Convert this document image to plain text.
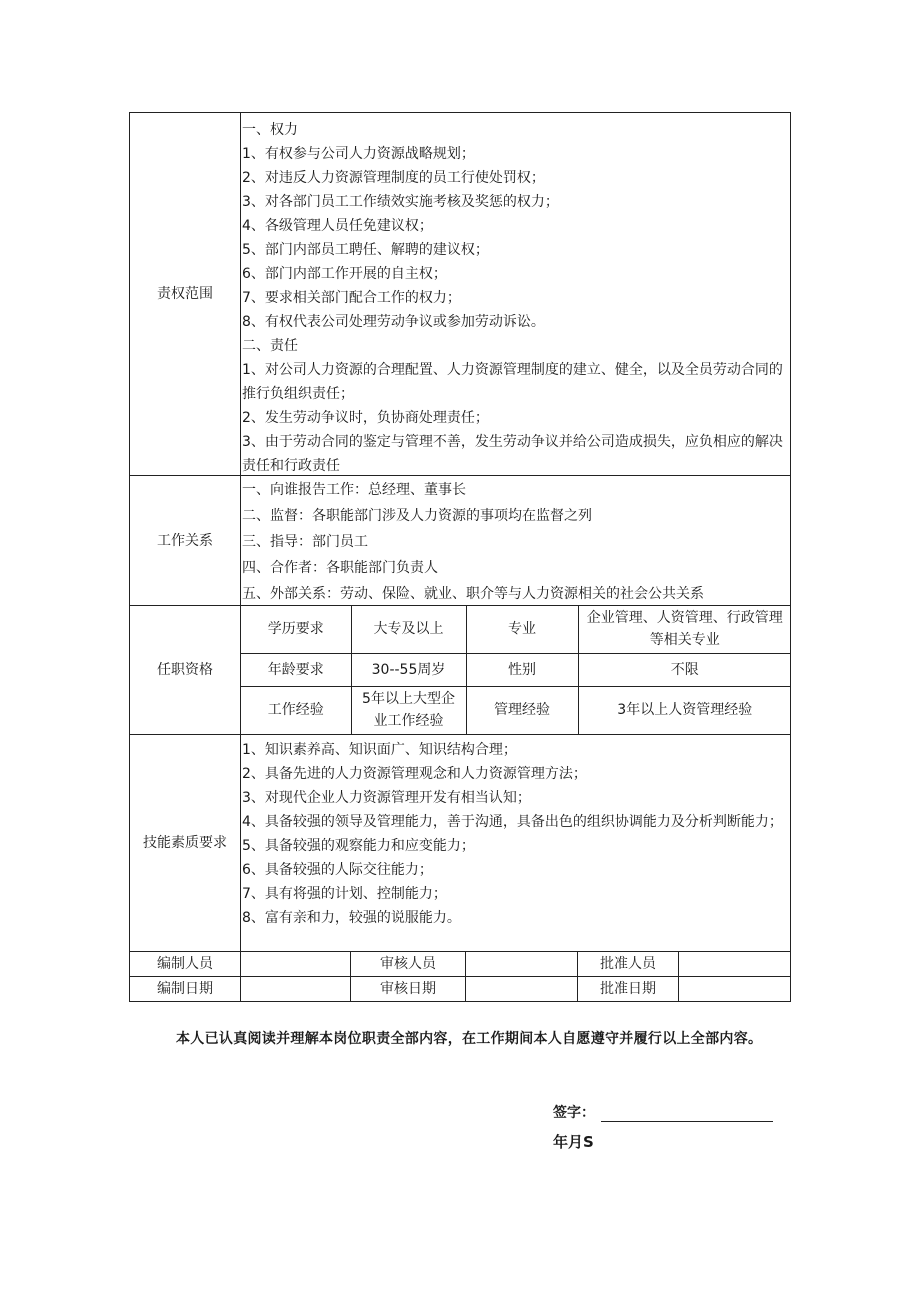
责权范围	
一、权力
1、有权参与公司人力资源战略规划；
2、对违反人力资源管理制度的员工行使处罚权；
3、对各部门员工工作绩效实施考核及奖惩的权力；
4、各级管理人员任免建议权；
5、部门内部员工聘任、解聘的建议权；
6、部门内部工作开展的自主权；
7、要求相关部门配合工作的权力；
8、有权代表公司处理劳动争议或参加劳动诉讼。
二、责任
1、对公司人力资源的合理配置、人力资源管理制度的建立、健全，以及全员劳动合同的推行负组织责任；
2、发生劳动争议时，负协商处理责任；
3、由于劳动合同的鉴定与管理不善，发生劳动争议并给公司造成损失，应负相应的解决责任和行政责任

工作关系	
一、向谁报告工作：总经理、董事长
二、监督：各职能部门涉及人力资源的事项均在监督之列
三、指导：部门员工
四、合作者：各职能部门负责人
五、外部关系：劳动、保险、就业、职介等与人力资源相关的社会公共关系

任职资格	
学历要求	大专及以上	专业	企业管理、人资管理、行政管理等相关专业
年龄要求	30--55周岁	性别	不限
工作经验	5年以上大型企业工作经验	管理经验	3年以上人资管理经验

技能素质要求	
1、知识素养高、知识面广、知识结构合理；
2、具备先进的人力资源管理观念和人力资源管理方法；
3、对现代企业人力资源管理开发有相当认知；
4、具备较强的领导及管理能力，善于沟通，具备出色的组织协调能力及分析判断能力；
5、具备较强的观察能力和应变能力；
6、具备较强的人际交往能力；
7、具有将强的计划、控制能力；
8、富有亲和力，较强的说服能力。

编制人员		审核人员		批准人员	
编制日期		审核日期		批准日期	
本人已认真阅读并理解本岗位职责全部内容，在工作期间本人自愿遵守并履行以上全部内容。
签字：
年月S
